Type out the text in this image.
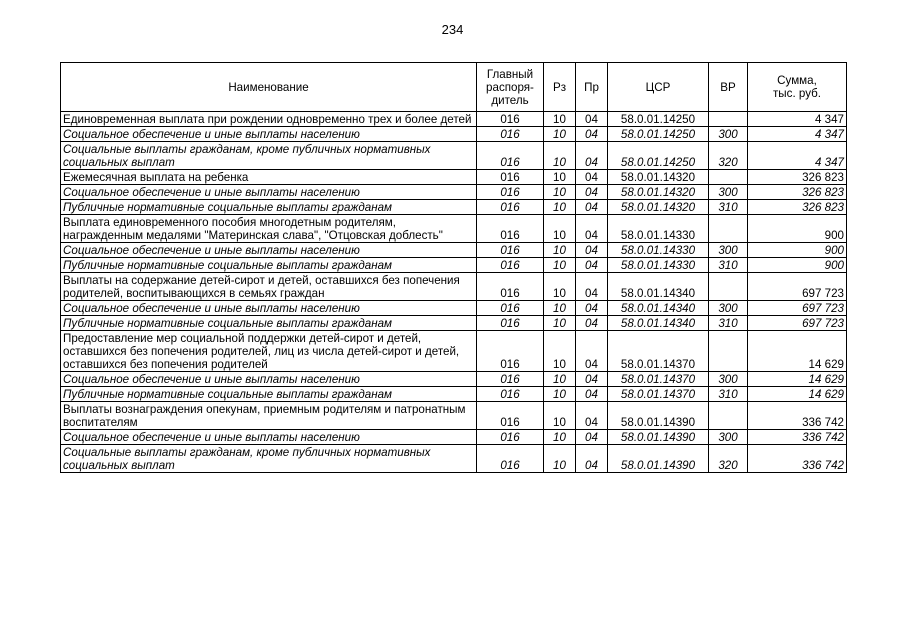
234
Наименование	Главный
распоря-
дитель	Рз	Пр	ЦСР	ВР	Сумма,
тыс. руб.

Единовременная выплата при рождении одновременно трех и более детей	016	10	04	58.0.01.14250		4 347
Социальное обеспечение и иные выплаты населению	016	10	04	58.0.01.14250	300	4 347
Социальные выплаты гражданам, кроме публичных нормативных социальных выплат	016	10	04	58.0.01.14250	320	4 347
Ежемесячная выплата на ребенка	016	10	04	58.0.01.14320		326 823
Социальное обеспечение и иные выплаты населению	016	10	04	58.0.01.14320	300	326 823
Публичные нормативные социальные выплаты гражданам	016	10	04	58.0.01.14320	310	326 823
Выплата единовременного пособия многодетным родителям, награжденным медалями "Материнская слава", "Отцовская доблесть"	016	10	04	58.0.01.14330		900
Социальное обеспечение и иные выплаты населению	016	10	04	58.0.01.14330	300	900
Публичные нормативные социальные выплаты гражданам	016	10	04	58.0.01.14330	310	900
Выплаты на содержание детей-сирот и детей, оставшихся без попечения родителей, воспитывающихся в семьях граждан	016	10	04	58.0.01.14340		697 723
Социальное обеспечение и иные выплаты населению	016	10	04	58.0.01.14340	300	697 723
Публичные нормативные социальные выплаты гражданам	016	10	04	58.0.01.14340	310	697 723
Предоставление мер социальной поддержки детей-сирот и детей, оставшихся без попечения родителей, лиц из числа детей-сирот и детей, оставшихся без попечения родителей	016	10	04	58.0.01.14370		14 629
Социальное обеспечение и иные выплаты населению	016	10	04	58.0.01.14370	300	14 629
Публичные нормативные социальные выплаты гражданам	016	10	04	58.0.01.14370	310	14 629
Выплаты вознаграждения опекунам, приемным родителям и патронатным воспитателям	016	10	04	58.0.01.14390		336 742
Социальное обеспечение и иные выплаты населению	016	10	04	58.0.01.14390	300	336 742
Социальные выплаты гражданам, кроме публичных нормативных социальных выплат	016	10	04	58.0.01.14390	320	336 742
